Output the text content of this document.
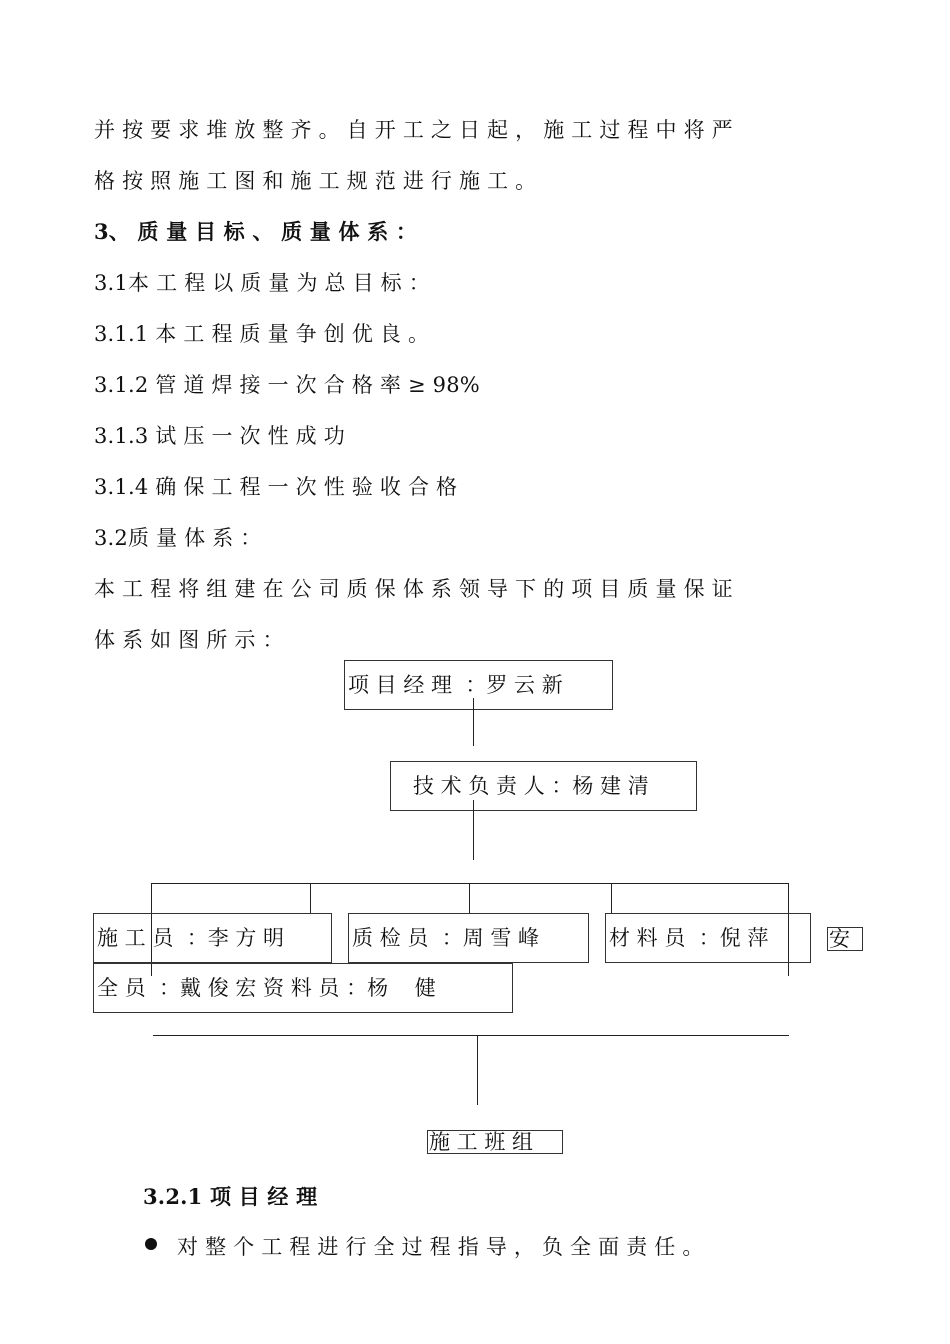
并 按 要 求 堆 放 整 齐 。 自 开 工 之 日 起 ， 施 工 过 程 中 将 严
格 按 照 施 工 图 和 施 工 规 范 进 行 施 工 。
3、 质 量 目 标 、 质 量 体 系 ：
3.1本 工 程 以 质 量 为 总 目 标 ：
3.1.1 本 工 程 质 量 争 创 优 良 。
3.1.2 管 道 焊 接 一 次 合 格 率 ≥ 98%
3.1.3 试 压 一 次 性 成 功
3.1.4 确 保 工 程 一 次 性 验 收 合 格
3.2质 量 体 系 ：
本 工 程 将 组 建 在 公 司 质 保 体 系 领 导 下 的 项 目 质 量 保 证
体 系 如 图 所 示 ：
项 目 经 理  ：罗 云 新
技 术 负 责 人 ：杨 建 清
施 工 员  ：李 方 明	质 检 员  ：周 雪 峰	材 料 员  ：倪 萍	安
全 员  ：戴 俊 宏 资 料 员 ：杨    健
施 工 班 组
3.2.1 项 目 经 理
对 整 个 工 程 进 行 全 过 程 指 导 ， 负 全 面 责 任 。
